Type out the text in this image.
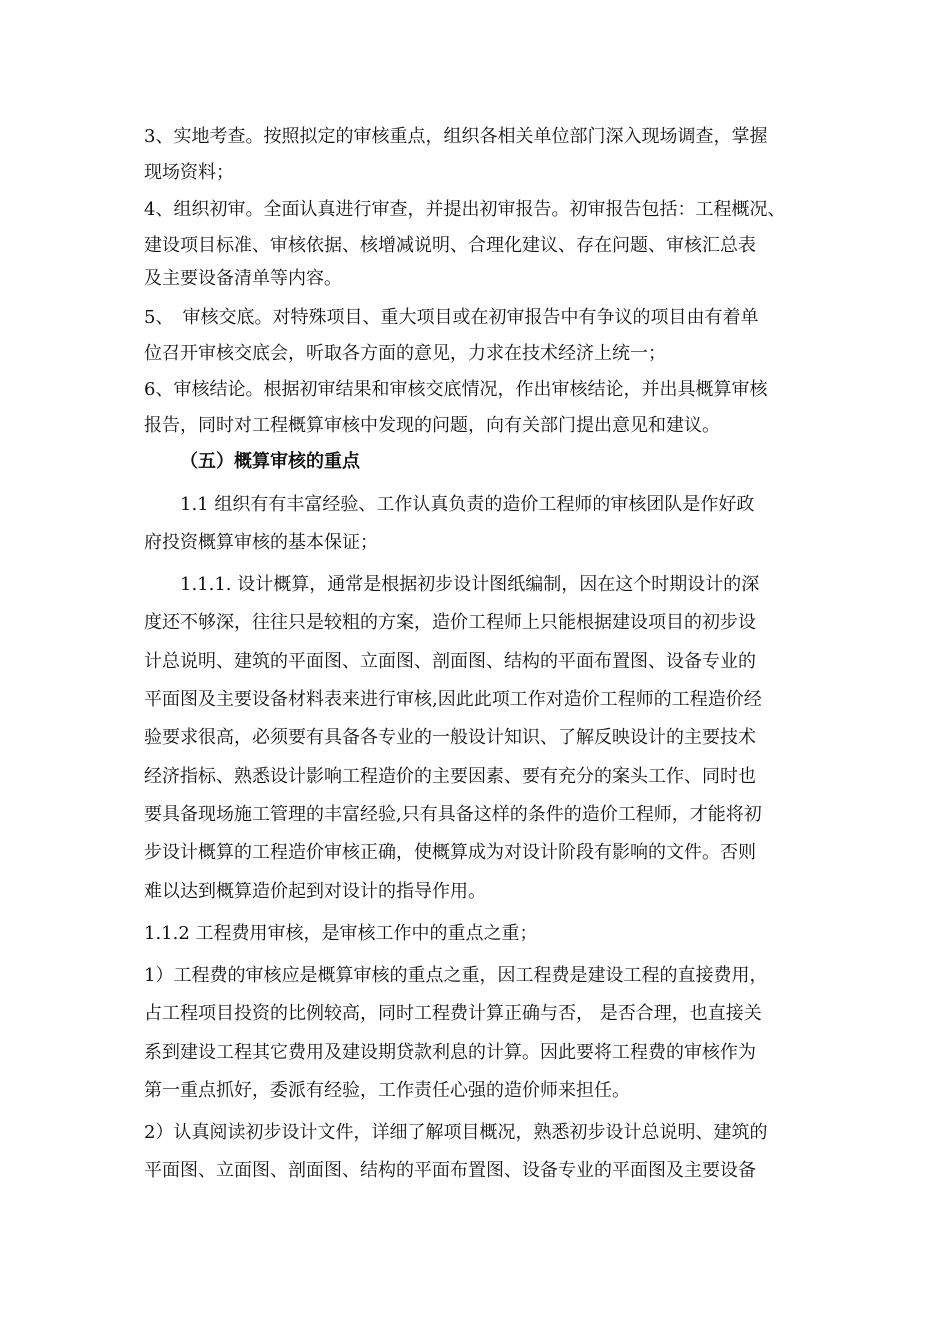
3、实地考查。按照拟定的审核重点，组织各相关单位部门深入现场调查，掌握
现场资料；
4、组织初审。全面认真进行审查，并提出初审报告。初审报告包括：工程概况、
建设项目标准、审核依据、核增减说明、合理化建议、存在问题、审核汇总表
及主要设备清单等内容。
5、　审核交底。对特殊项目、重大项目或在初审报告中有争议的项目由有着单
位召开审核交底会，听取各方面的意见，力求在技术经济上统一；
6、审核结论。根据初审结果和审核交底情况，作出审核结论，并出具概算审核
报告，同时对工程概算审核中发现的问题，向有关部门提出意见和建议。
（五）概算审核的重点
1.1 组织有有丰富经验、工作认真负责的造价工程师的审核团队是作好政
府投资概算审核的基本保证；
1.1.1. 设计概算，通常是根据初步设计图纸编制，因在这个时期设计的深
度还不够深，往往只是较粗的方案，造价工程师上只能根据建设项目的初步设
计总说明、建筑的平面图、立面图、剖面图、结构的平面布置图、设备专业的
平面图及主要设备材料表来进行审核,因此此项工作对造价工程师的工程造价经
验要求很高，必须要有具备各专业的一般设计知识、了解反映设计的主要技术
经济指标、熟悉设计影响工程造价的主要因素、要有充分的案头工作、同时也
要具备现场施工管理的丰富经验,只有具备这样的条件的造价工程师，才能将初
步设计概算的工程造价审核正确，使概算成为对设计阶段有影响的文件。否则
难以达到概算造价起到对设计的指导作用。
1.1.2 工程费用审核，是审核工作中的重点之重；
1）工程费的审核应是概算审核的重点之重，因工程费是建设工程的直接费用，
占工程项目投资的比例较高，同时工程费计算正确与否， 是否合理，也直接关
系到建设工程其它费用及建设期贷款利息的计算。因此要将工程费的审核作为
第一重点抓好，委派有经验，工作责任心强的造价师来担任。
2）认真阅读初步设计文件，详细了解项目概况，熟悉初步设计总说明、建筑的
平面图、立面图、剖面图、结构的平面布置图、设备专业的平面图及主要设备
